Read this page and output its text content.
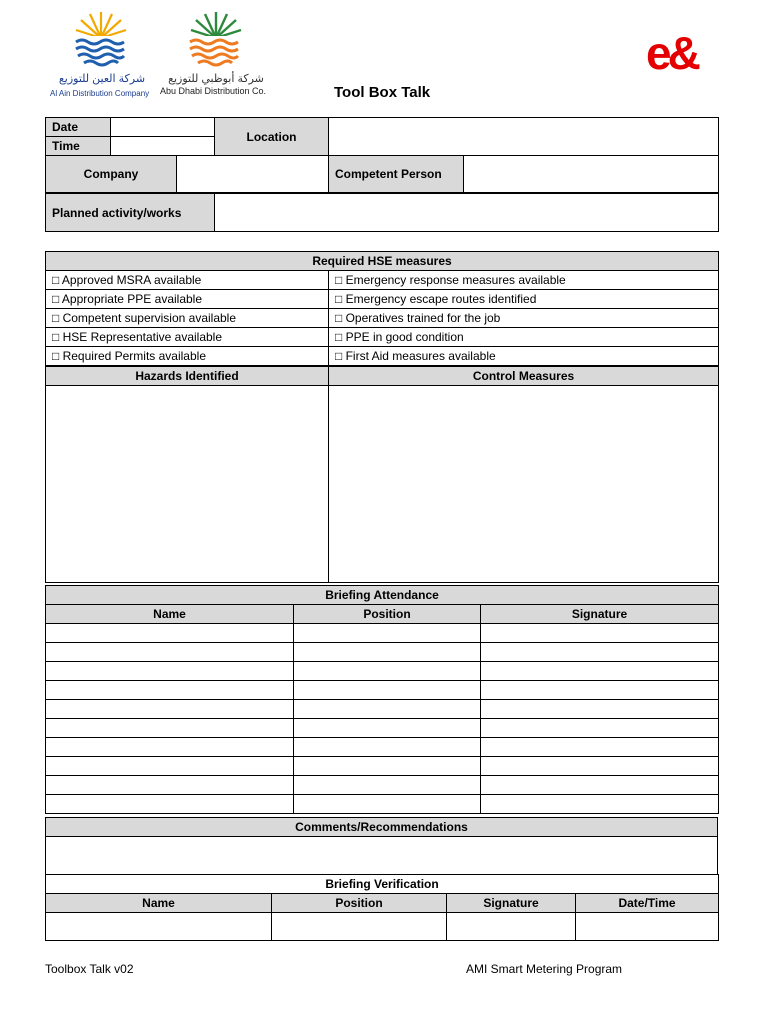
شركة العين للتوزيع
Al Ain Distribution Company
شركة أبوظبي للتوزيع
Abu Dhabi Distribution Co.
e&
Tool Box Talk
Date		Location	
Time			
Company		Competent Person	
Planned activity/works	
Required HSE measures	
□ Approved MSRA available	□ Emergency response measures available
□ Appropriate PPE available	□ Emergency escape routes identified
□ Competent supervision available	□ Operatives trained for the job
□ HSE Representative available	□ PPE in good condition
□ Required Permits available	□ First Aid measures available
Hazards Identified	Control Measures

Briefing Attendance		
Name	Position	Signature

Comments/Recommendations

Briefing Verification			
Name	Position	Signature	Date/Time

Toolbox Talk v02	AMI Smart Metering Program
